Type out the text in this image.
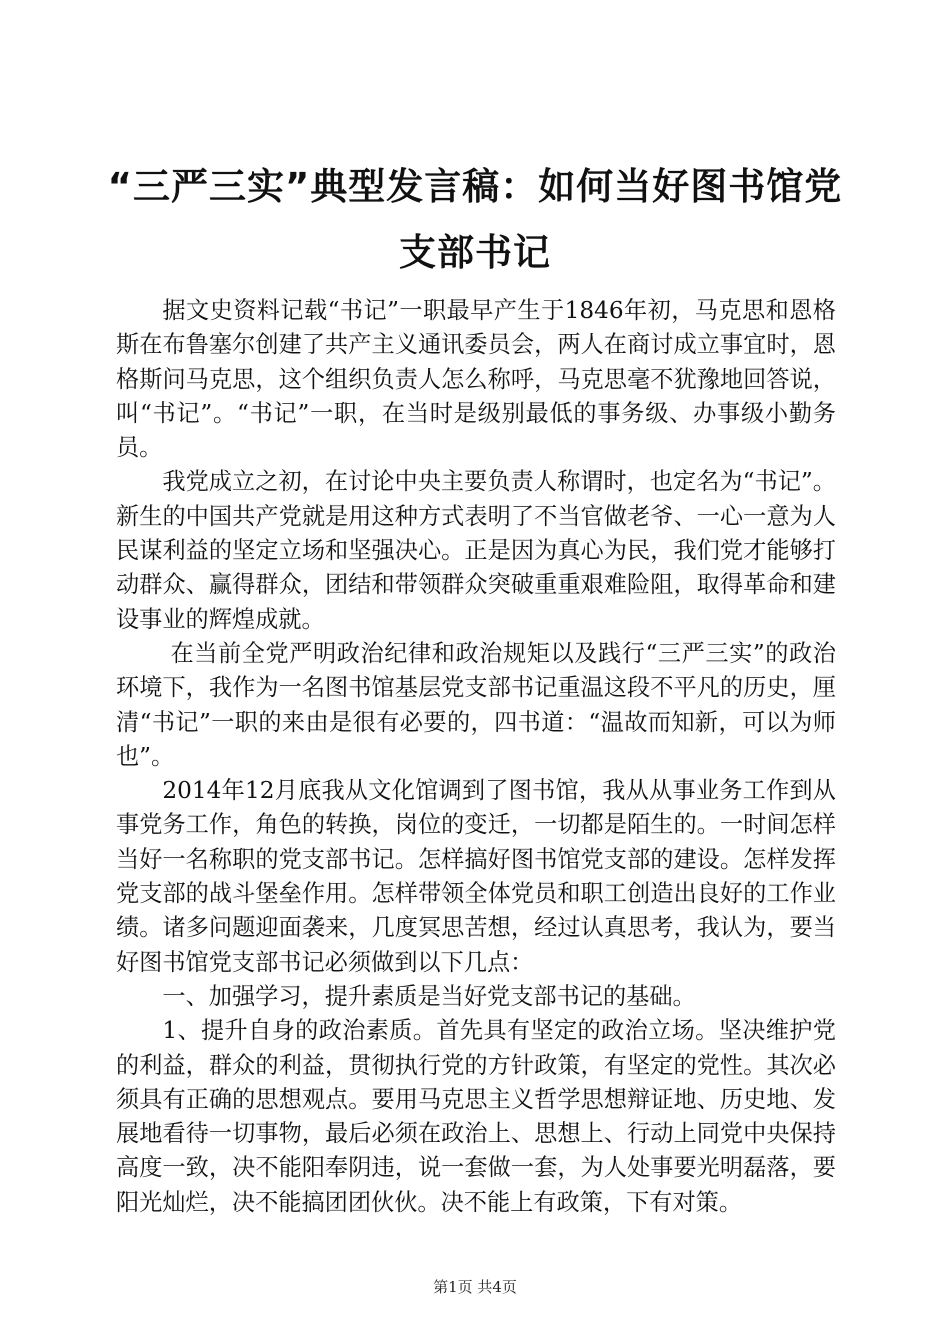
“三严三实”典型发言稿：如何当好图书馆党
支部书记

据文史资料记载“书记”一职最早产生于1846年初，马克思和恩格斯在布鲁塞尔创建了共产主义通讯委员会，两人在商讨成立事宜时，恩格斯问马克思，这个组织负责人怎么称呼，马克思毫不犹豫地回答说，叫“书记”。“书记”一职，在当时是级别最低的事务级、办事级小勤务员。

我党成立之初，在讨论中央主要负责人称谓时，也定名为“书记”。新生的中国共产党就是用这种方式表明了不当官做老爷、一心一意为人民谋利益的坚定立场和坚强决心。正是因为真心为民，我们党才能够打动群众、赢得群众，团结和带领群众突破重重艰难险阻，取得革命和建设事业的辉煌成就。

在当前全党严明政治纪律和政治规矩以及践行“三严三实”的政治环境下，我作为一名图书馆基层党支部书记重温这段不平凡的历史，厘清“书记”一职的来由是很有必要的，四书道：“温故而知新，可以为师也”。

2014年12月底我从文化馆调到了图书馆，我从从事业务工作到从事党务工作，角色的转换，岗位的变迁，一切都是陌生的。一时间怎样当好一名称职的党支部书记。怎样搞好图书馆党支部的建设。怎样发挥党支部的战斗堡垒作用。怎样带领全体党员和职工创造出良好的工作业绩。诸多问题迎面袭来，几度冥思苦想，经过认真思考，我认为，要当好图书馆党支部书记必须做到以下几点：

一、加强学习，提升素质是当好党支部书记的基础。

1、提升自身的政治素质。首先具有坚定的政治立场。坚决维护党的利益，群众的利益，贯彻执行党的方针政策，有坚定的党性。其次必须具有正确的思想观点。要用马克思主义哲学思想辩证地、历史地、发展地看待一切事物，最后必须在政治上、思想上、行动上同党中央保持高度一致，决不能阳奉阴违，说一套做一套，为人处事要光明磊落，要阳光灿烂，决不能搞团团伙伙。决不能上有政策，下有对策。

第1页 共4页
